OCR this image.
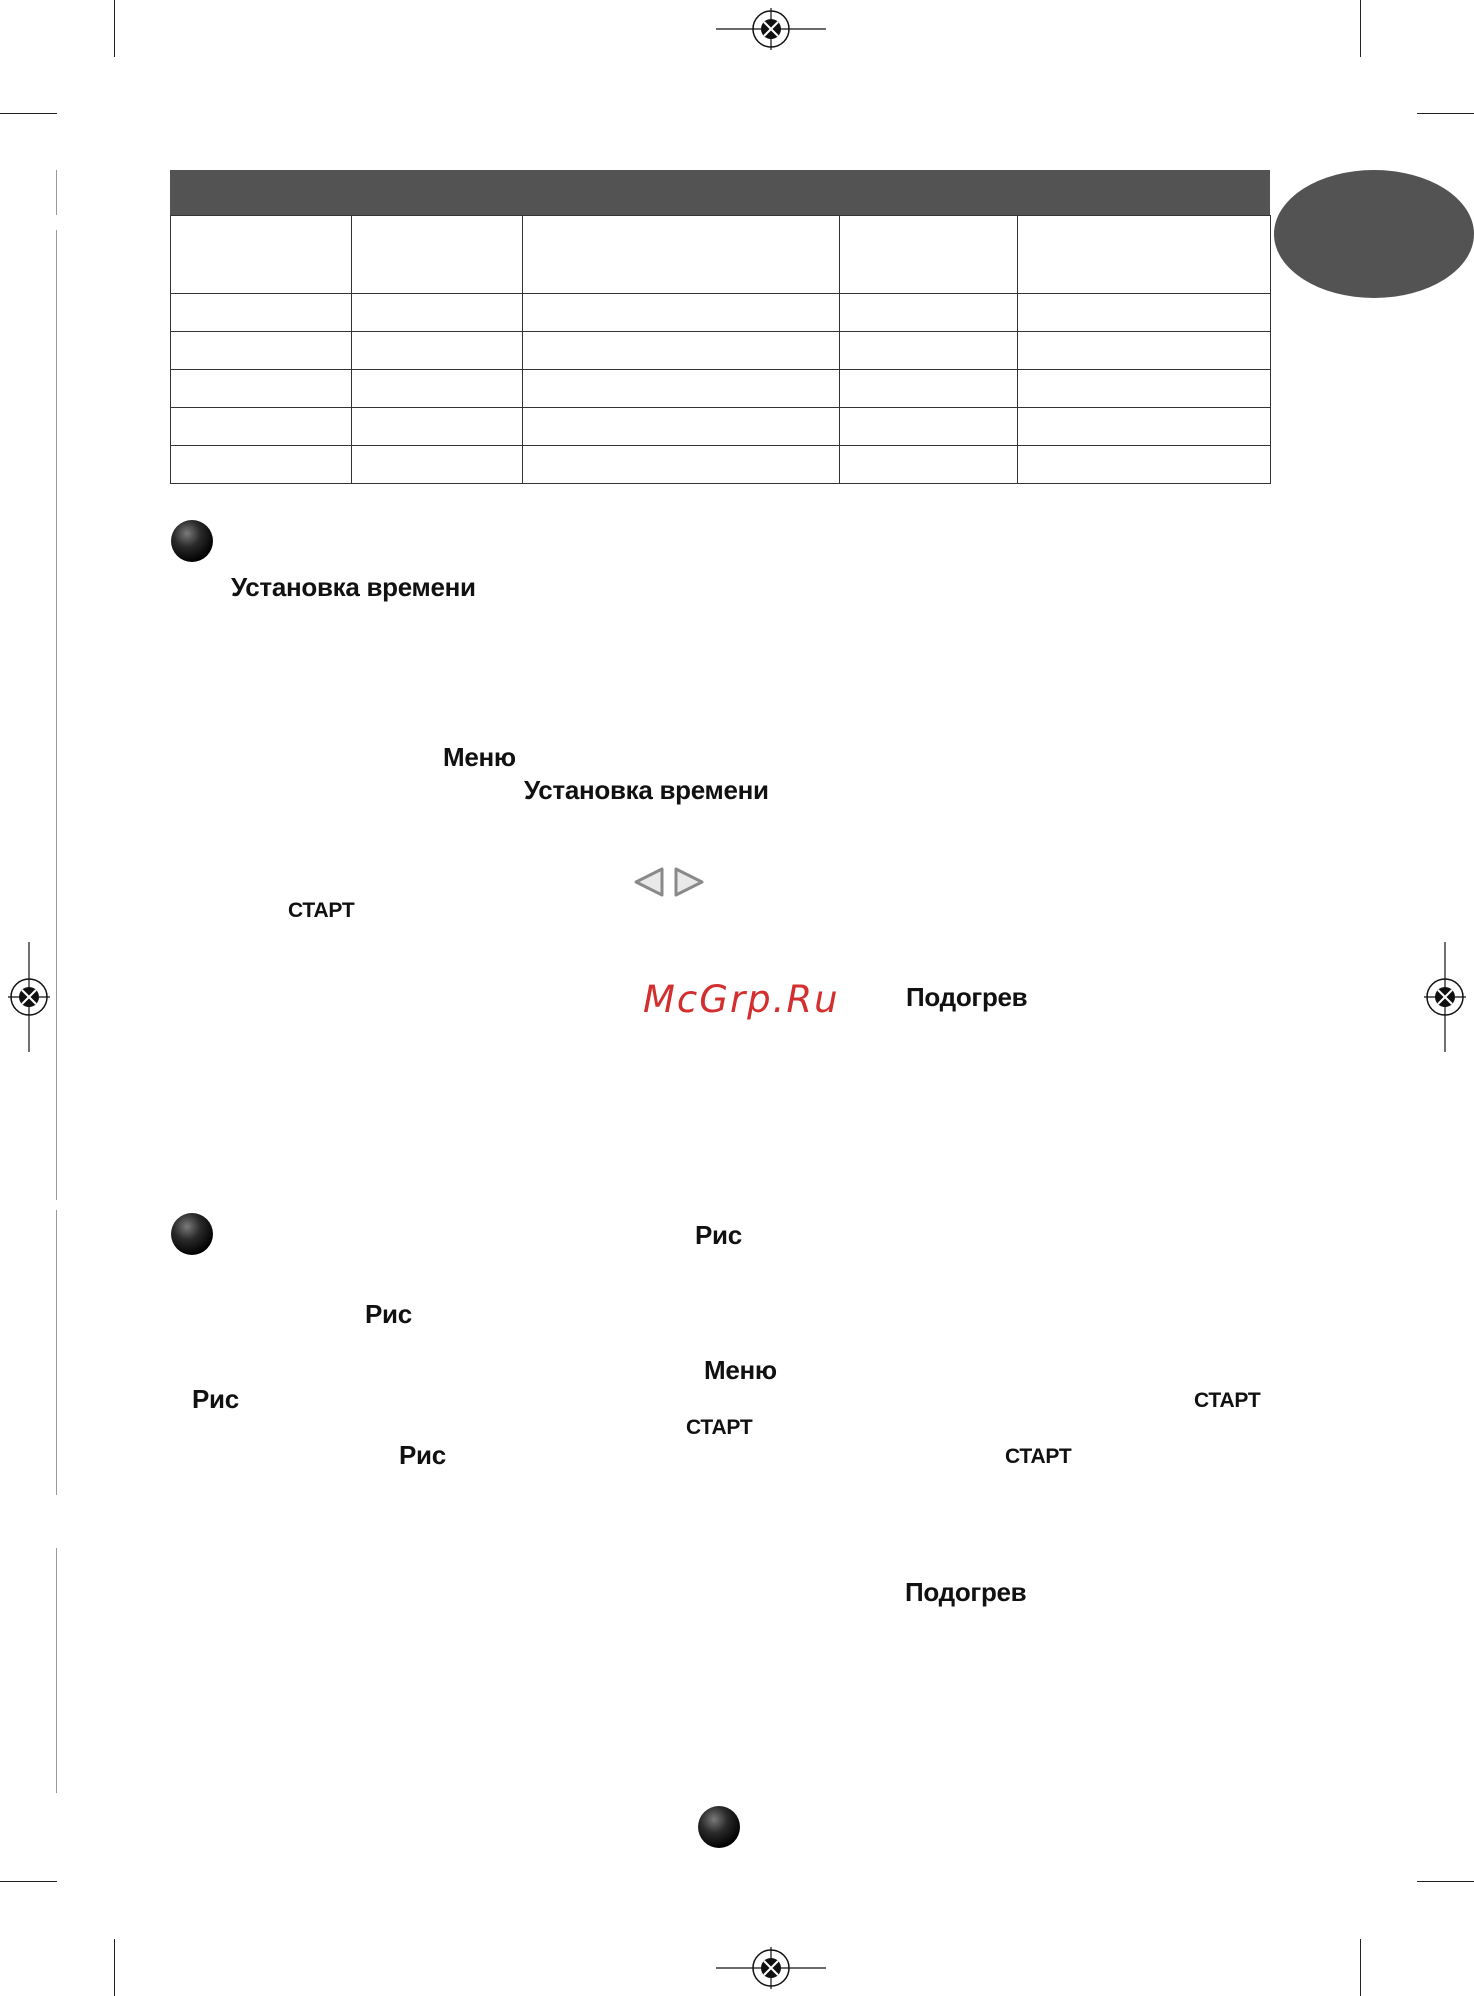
Установка времени
Меню
Установка времени
СТАРТ
McGrp.Ru	Подогрев
Рис
Рис
Меню
Рис	СТАРТ
СТАРТ
Рис	СТАРТ
Подогрев
